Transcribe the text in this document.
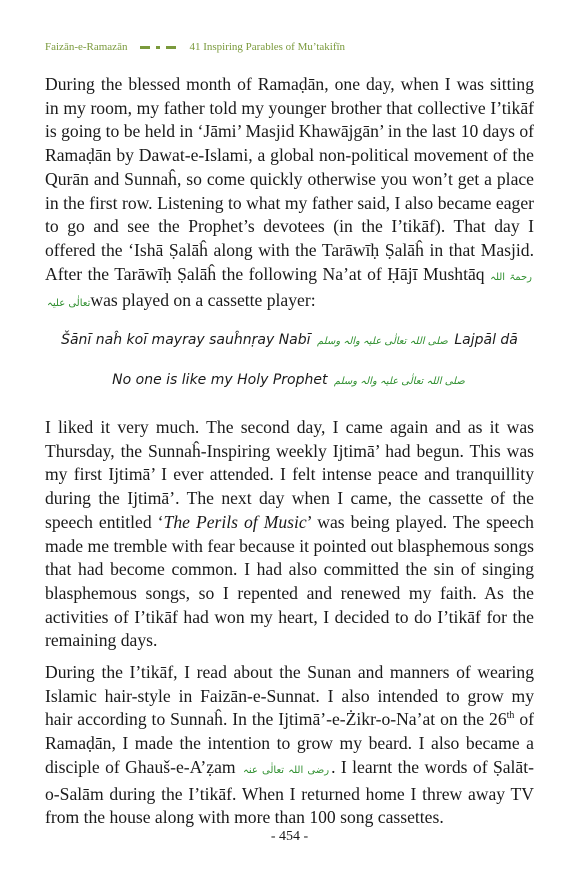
Faizān-e-Ramazān	41 Inspiring Parables of Mu’takifīn

During the blessed month of Ramaḍān, one day, when I was sitting in my room, my father told my younger brother that collective I’tikāf is going to be held in ‘Jāmi’ Masjid Khawājgān’ in the last 10 days of Ramaḍān by Dawat-e-Islami, a global non-political movement of the Qurān and Sunnaĥ, so come quickly otherwise you won’t get a place in the first row. Listening to what my father said, I also became eager to go and see the Prophet’s devotees (in the I’tikāf). That day I offered the ‘Ishā Ṣalāĥ along with the Tarāwīḥ Ṣalāĥ in that Masjid. After the Tarāwīḥ Ṣalāĥ the following Na’at of Ḥājī Mushtāq رحمۃ اللہ تعالٰی علیہwas played on a cassette player:

Šānī naĥ koī mayray sauĥnṛay Nabī صلی اللہ تعالٰی علیہ والہ وسلم Lajpāl dā
No one is like my Holy Prophet صلی اللہ تعالٰی علیہ والہ وسلم

I liked it very much. The second day, I came again and as it was Thursday, the Sunnaĥ-Inspiring weekly Ijtimā’ had begun. This was my first Ijtimā’ I ever attended. I felt intense peace and tranquillity during the Ijtimā’. The next day when I came, the cassette of the speech entitled ‘The Perils of Music’ was being played. The speech made me tremble with fear because it pointed out blasphemous songs that had become common. I had also committed the sin of singing blasphemous songs, so I repented and renewed my faith. As the activities of I’tikāf had won my heart, I decided to do I’tikāf for the remaining days.

During the I’tikāf, I read about the Sunan and manners of wearing Islamic hair-style in Faizān-e-Sunnat. I also intended to grow my hair according to Sunnaĥ. In the Ijtimā’-e-Żikr-o-Na’at on the 26th of Ramaḍān, I made the intention to grow my beard. I also became a disciple of Ghauš-e-A’ẓam رضی اللہ تعالٰی عنہ . I learnt the words of Ṣalāt-o-Salām during the I’tikāf. When I returned home I threw away TV from the house along with more than 100 song cassettes.

- 454 -
